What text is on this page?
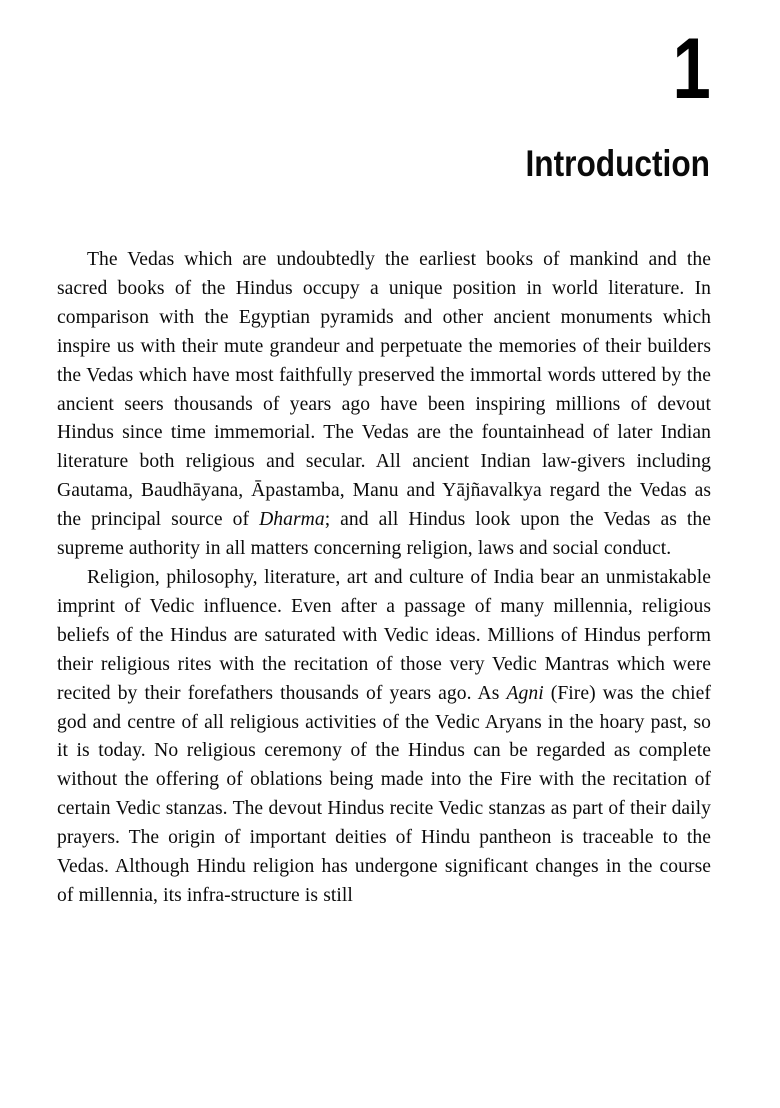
1
Introduction

The Vedas which are undoubtedly the earliest books of mankind and the sacred books of the Hindus occupy a unique position in world literature. In comparison with the Egyptian pyramids and other ancient monuments which inspire us with their mute grandeur and perpetuate the memories of their builders the Vedas which have most faithfully preserved the immortal words uttered by the ancient seers thousands of years ago have been inspiring millions of devout Hindus since time immemorial. The Vedas are the fountainhead of later Indian literature both religious and secular. All ancient Indian law-givers including Gautama, Baudhāyana, Āpastamba, Manu and Yājñavalkya regard the Vedas as the principal source of Dharma; and all Hindus look upon the Vedas as the supreme authority in all matters concerning religion, laws and social conduct.

Religion, philosophy, literature, art and culture of India bear an unmistakable imprint of Vedic influence. Even after a passage of many millennia, religious beliefs of the Hindus are saturated with Vedic ideas. Millions of Hindus perform their religious rites with the recitation of those very Vedic Mantras which were recited by their forefathers thousands of years ago. As Agni (Fire) was the chief god and centre of all religious activities of the Vedic Aryans in the hoary past, so it is today. No religious ceremony of the Hindus can be regarded as complete without the offering of oblations being made into the Fire with the recitation of certain Vedic stanzas. The devout Hindus recite Vedic stanzas as part of their daily prayers. The origin of important deities of Hindu pantheon is traceable to the Vedas. Although Hindu religion has undergone significant changes in the course of millennia, its infra-structure is still
